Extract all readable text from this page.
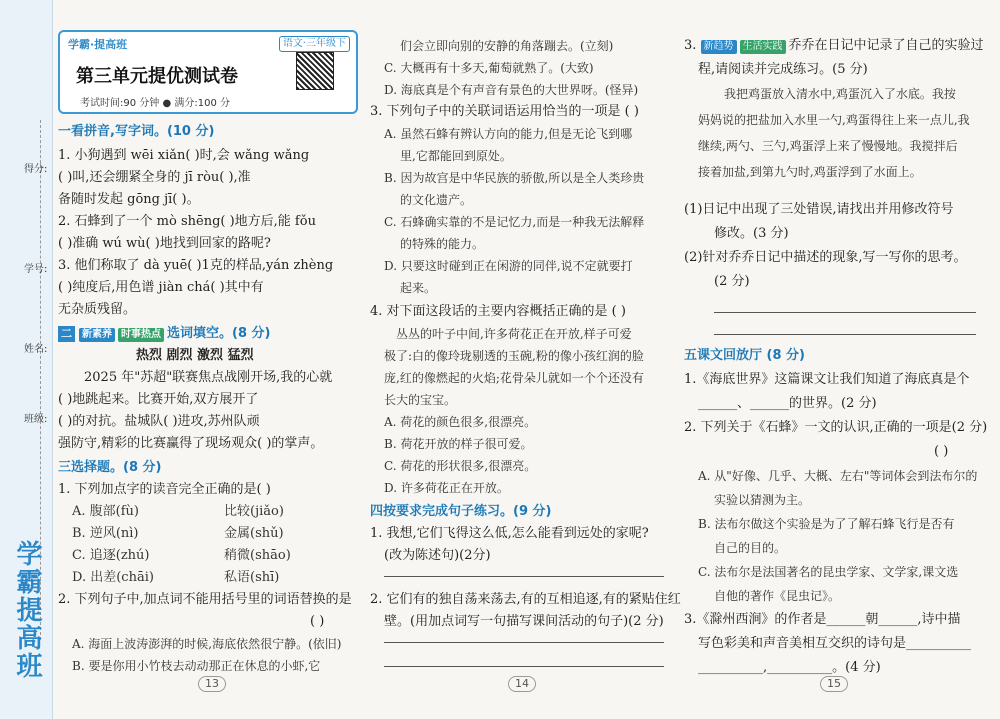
得分:
学号:
姓名:
班级:
学霸提高班
学霸·提高班	语文·三年级下
第三单元提优测试卷
考试时间:90 分钟 ● 满分:100 分
一看拼音,写字词。(10 分)
1. 小狗遇到 wēi xiǎn( )时,会 wǎng wǎng
( )叫,还会绷紧全身的 jī ròu( ),准
备随时发起 gōng jī( )。
2. 石蜂到了一个 mò shēng( )地方后,能 fǒu
( )准确 wú wù( )地找到回家的路呢?
3. 他们称取了 dà yuē( )1克的样品,yán zhèng
( )纯度后,用色谱 jiàn chá( )其中有
无杂质残留。
二 新素养 时事热点 选词填空。(8 分)
热烈 剧烈 激烈 猛烈
2025 年"苏超"联赛焦点战刚开场,我的心就
( )地跳起来。比赛开始,双方展开了
( )的对抗。盐城队( )进攻,苏州队顽
强防守,精彩的比赛赢得了现场观众( )的掌声。
三选择题。(8 分)
1. 下列加点字的读音完全正确的是( )
A. 腹部(fù)	比较(jiǎo)
B. 逆风(nì)	金属(shǔ)
C. 追逐(zhú)	稍微(shāo)
D. 出差(chāi)	私语(shī)
2. 下列句子中,加点词不能用括号里的词语替换的是
( )
A. 海面上波涛澎湃的时候,海底依然很宁静。(依旧)
B. 要是你用小竹枝去动动那正在休息的小虾,它
13
们会立即向别的安静的角落蹦去。(立刻)
C. 大概再有十多天,葡萄就熟了。(大致)
D. 海底真是个有声音有景色的大世界呀。(怪异)
3. 下列句子中的关联词语运用恰当的一项是 ( )
A. 虽然石蜂有辨认方向的能力,但是无论飞到哪
里,它都能回到原处。
B. 因为故宫是中华民族的骄傲,所以是全人类珍贵
的文化遗产。
C. 石蜂确实靠的不是记忆力,而是一种我无法解释
的特殊的能力。
D. 只要这时碰到正在闲游的同伴,说不定就要打
起来。
4. 对下面这段话的主要内容概括正确的是 ( )
丛丛的叶子中间,许多荷花正在开放,样子可爱
极了:白的像玲珑剔透的玉碗,粉的像小孩红润的脸
庞,红的像燃起的火焰;花骨朵儿就如一个个还没有
长大的宝宝。
A. 荷花的颜色很多,很漂亮。
B. 荷花开放的样子很可爱。
C. 荷花的形状很多,很漂亮。
D. 许多荷花正在开放。
四按要求完成句子练习。(9 分)
1. 我想,它们飞得这么低,怎么能看到远处的家呢?
(改为陈述句)(2分)
2. 它们有的独自荡来荡去,有的互相追逐,有的紧贴住红
壁。(用加点词写一句描写课间活动的句子)(2 分)
14
3. 新趋势 生活实践 乔乔在日记中记录了自己的实验过
程,请阅读并完成练习。(5 分)
我把鸡蛋放入清水中,鸡蛋沉入了水底。我按
妈妈说的把盐加入水里一勺,鸡蛋得往上来一点儿,我
继续,两勺、三勺,鸡蛋浮上来了慢慢地。我搅拌后
接着加盐,到第九勺时,鸡蛋浮到了水面上。
(1)日记中出现了三处错误,请找出并用修改符号
修改。(3 分)
(2)针对乔乔日记中描述的现象,写一写你的思考。
(2 分)
五课文回放厅 (8 分)
1.《海底世界》这篇课文让我们知道了海底真是个
______、______的世界。(2 分)
2. 下列关于《石蜂》一文的认识,正确的一项是(2 分)
( )
A. 从"好像、几乎、大概、左右"等词体会到法布尔的
实验以猜测为主。
B. 法布尔做这个实验是为了了解石蜂飞行是否有
自己的目的。
C. 法布尔是法国著名的昆虫学家、文学家,课文选
自他的著作《昆虫记》。
3.《滁州西涧》的作者是______朝______,诗中描
写色彩美和声音美相互交织的诗句是__________
__________,__________。(4 分)
15
